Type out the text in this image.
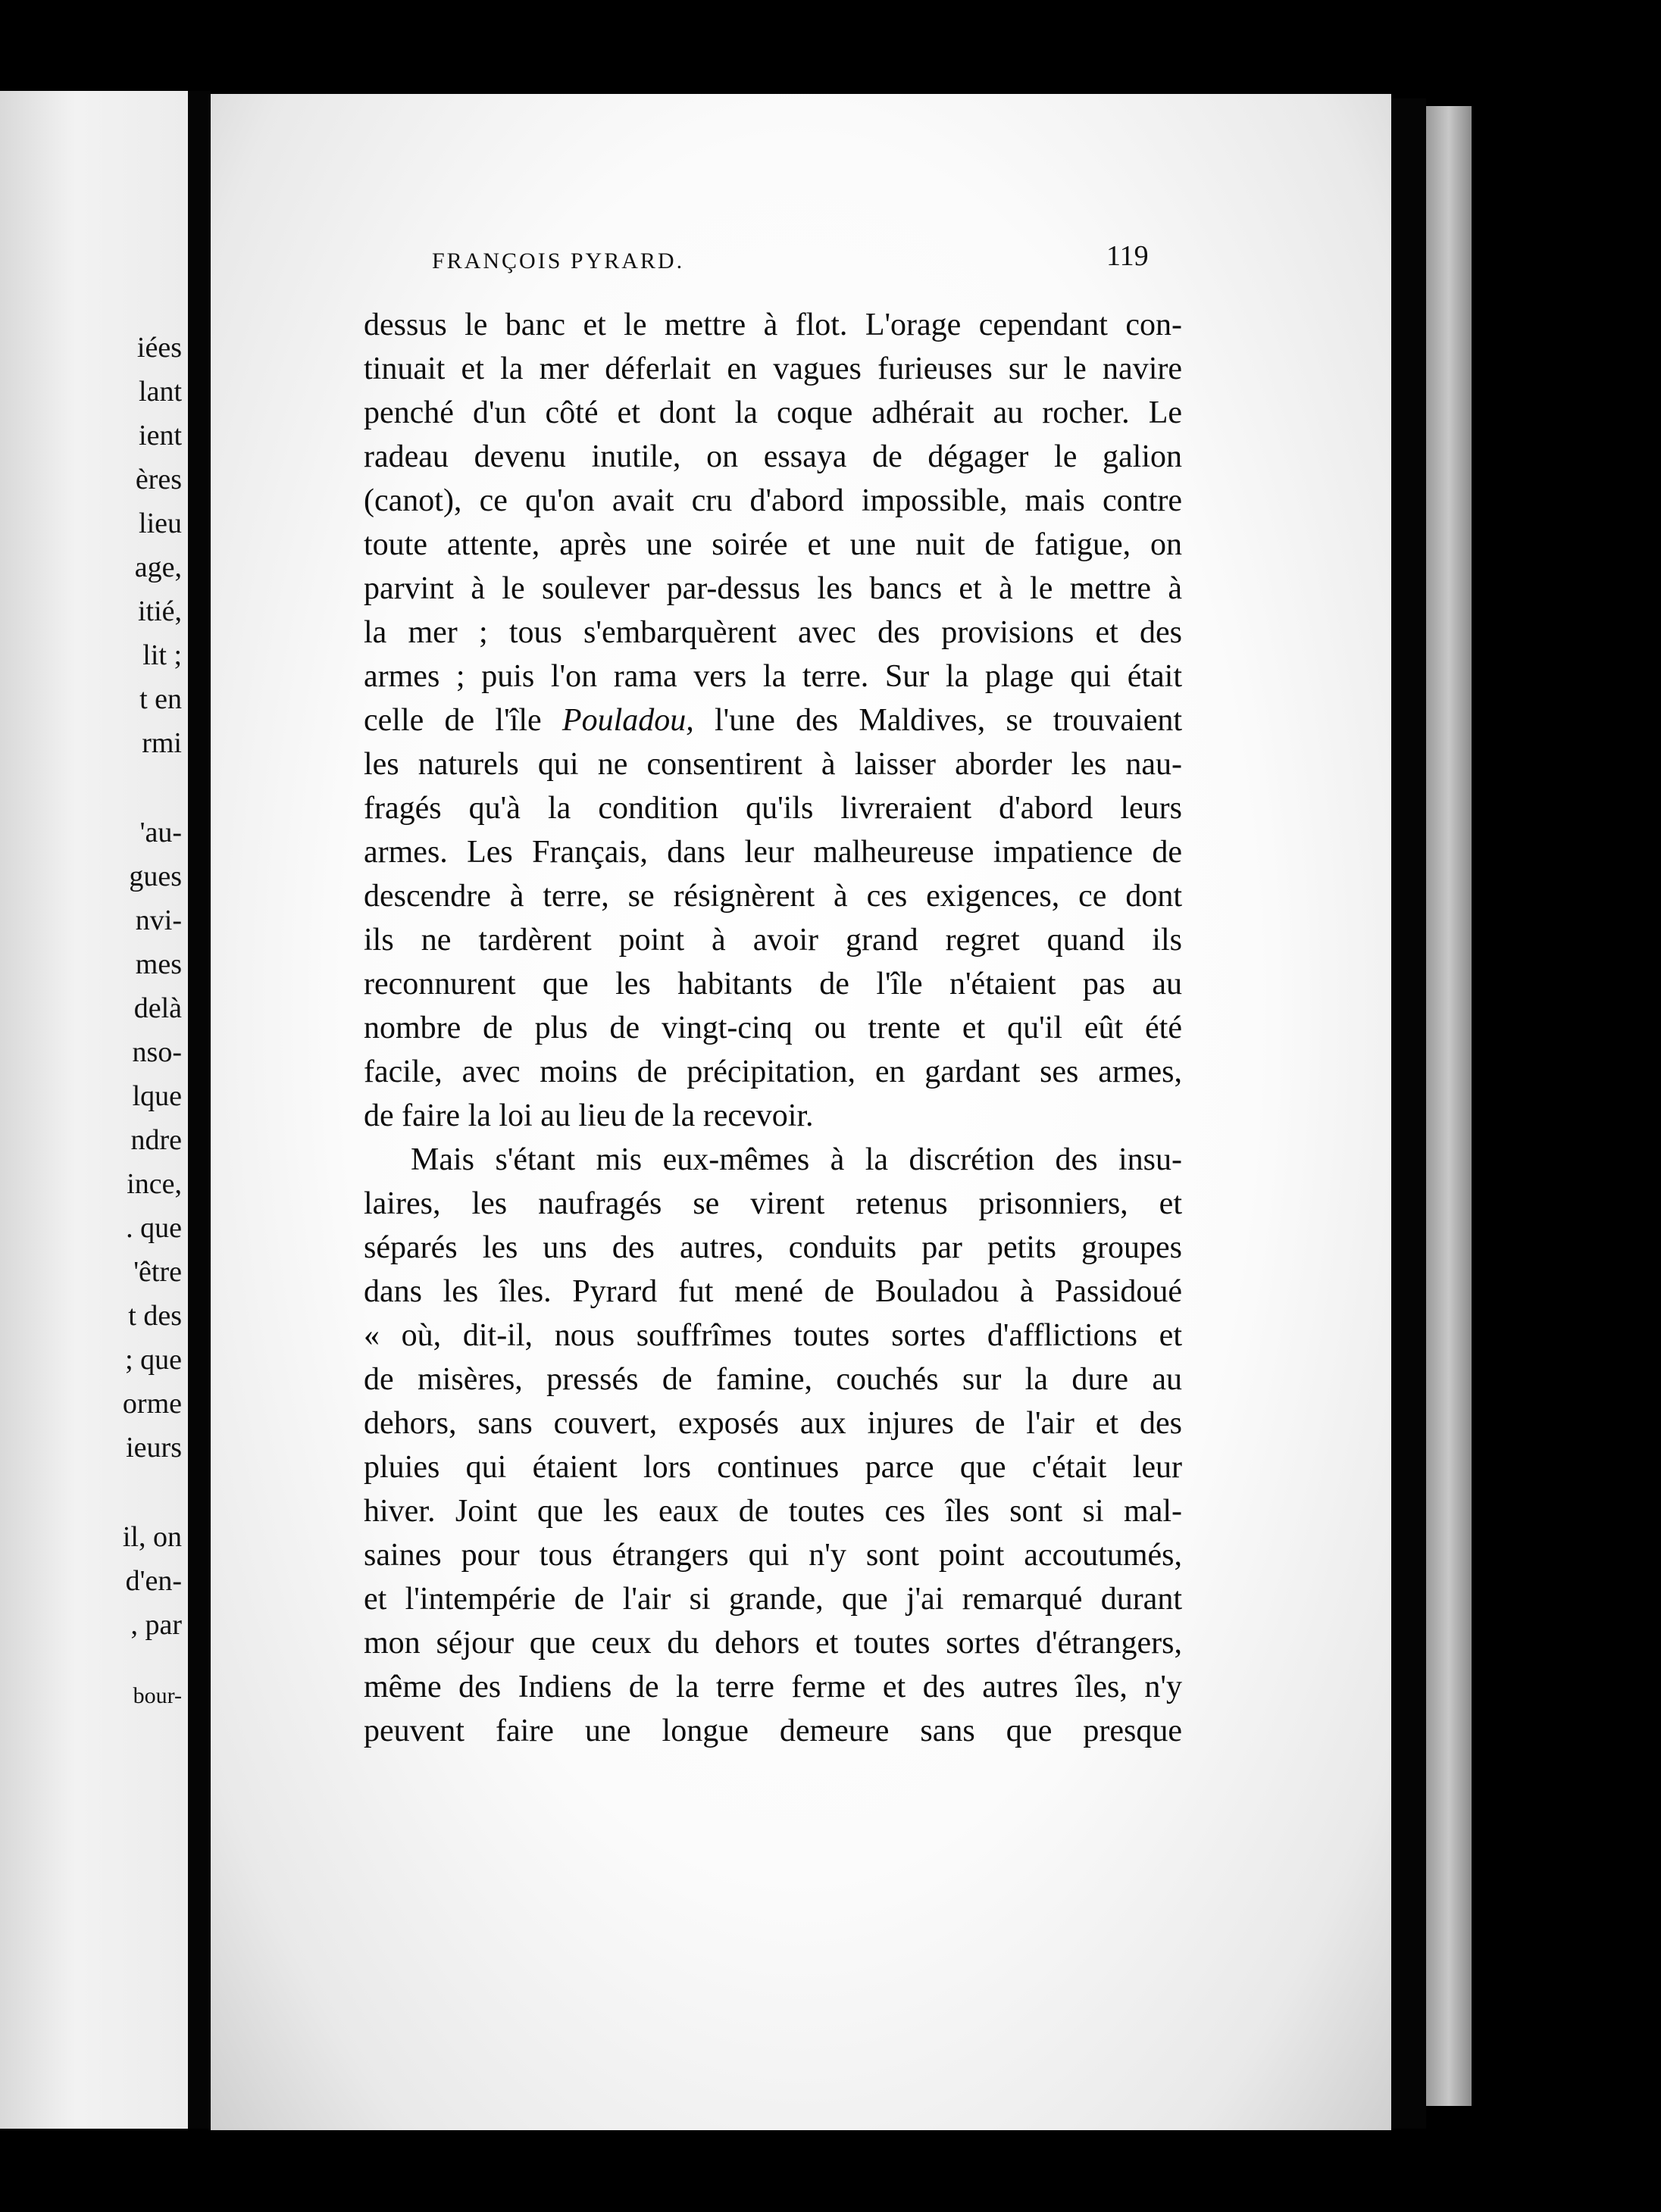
iées
lant
ient
ères
lieu
age,
itié,
lit ;
t en
rmi
'au-
gues
nvi-
mes
delà
nso-
lque
ndre
ince,
. que
'être
t des
; que
orme
ieurs
il, on
d'en-
, par
bour-
FRANÇOIS PYRARD.	119
dessus le banc et le mettre à flot. L'orage cependant con-
tinuait et la mer déferlait en vagues furieuses sur le navire
penché d'un côté et dont la coque adhérait au rocher. Le
radeau devenu inutile, on essaya de dégager le galion
(canot), ce qu'on avait cru d'abord impossible, mais contre
toute attente, après une soirée et une nuit de fatigue, on
parvint à le soulever par-dessus les bancs et à le mettre à
la mer ; tous s'embarquèrent avec des provisions et des
armes ; puis l'on rama vers la terre. Sur la plage qui était
celle de l'île Pouladou, l'une des Maldives, se trouvaient
les naturels qui ne consentirent à laisser aborder les nau-
fragés qu'à la condition qu'ils livreraient d'abord leurs
armes. Les Français, dans leur malheureuse impatience de
descendre à terre, se résignèrent à ces exigences, ce dont
ils ne tardèrent point à avoir grand regret quand ils
reconnurent que les habitants de l'île n'étaient pas au
nombre de plus de vingt-cinq ou trente et qu'il eût été
facile, avec moins de précipitation, en gardant ses armes,
de faire la loi au lieu de la recevoir.
Mais s'étant mis eux-mêmes à la discrétion des insu-
laires, les naufragés se virent retenus prisonniers, et
séparés les uns des autres, conduits par petits groupes
dans les îles. Pyrard fut mené de Bouladou à Passidoué
« où, dit-il, nous souffrîmes toutes sortes d'afflictions et
de misères, pressés de famine, couchés sur la dure au
dehors, sans couvert, exposés aux injures de l'air et des
pluies qui étaient lors continues parce que c'était leur
hiver. Joint que les eaux de toutes ces îles sont si mal-
saines pour tous étrangers qui n'y sont point accoutumés,
et l'intempérie de l'air si grande, que j'ai remarqué durant
mon séjour que ceux du dehors et toutes sortes d'étrangers,
même des Indiens de la terre ferme et des autres îles, n'y
peuvent faire une longue demeure sans que presque
